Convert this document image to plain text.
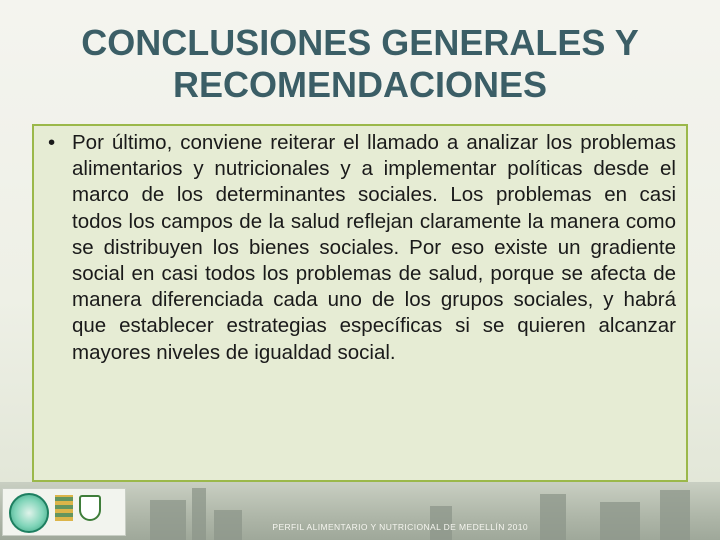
CONCLUSIONES GENERALES Y RECOMENDACIONES
• Por último, conviene reiterar el llamado a analizar los problemas alimentarios y nutricionales y a implementar políticas desde el marco de los determinantes sociales. Los problemas en casi todos los campos de la salud reflejan claramente la manera como se distribuyen los bienes sociales. Por eso existe un gradiente social en casi todos los problemas de salud, porque se afecta de manera diferenciada cada uno de los grupos sociales, y habrá que establecer estrategias específicas si se quieren alcanzar mayores niveles de igualdad social.
PERFIL ALIMENTARIO Y NUTRICIONAL DE MEDELLÍN 2010
